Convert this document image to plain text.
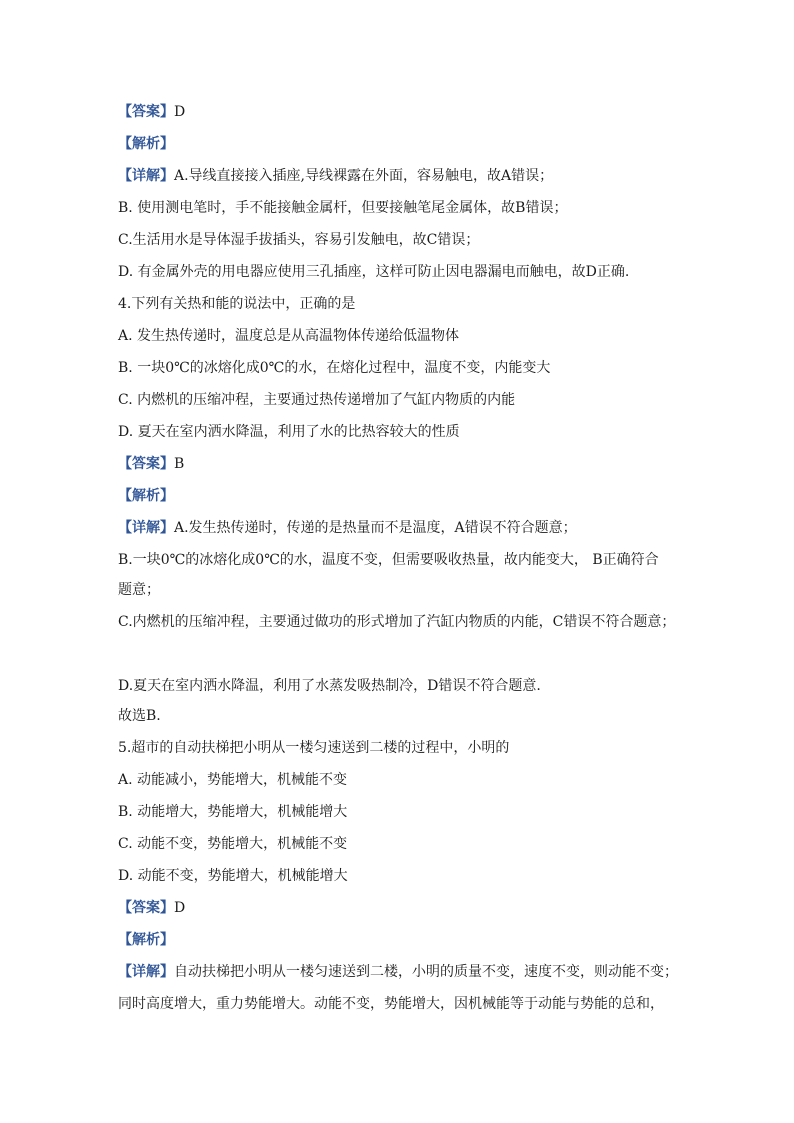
【答案】D
【解析】
【详解】A.导线直接接入插座,导线裸露在外面，容易触电，故A错误；
B. 使用测电笔时，手不能接触金属杆，但要接触笔尾金属体，故B错误；
C.生活用水是导体湿手拔插头，容易引发触电，故C错误；
D. 有金属外壳的用电器应使用三孔插座，这样可防止因电器漏电而触电，故D正确.
4.下列有关热和能的说法中，正确的是
A. 发生热传递时，温度总是从高温物体传递给低温物体
B. 一块0℃的冰熔化成0℃的水，在熔化过程中，温度不变，内能变大
C. 内燃机的压缩冲程，主要通过热传递增加了气缸内物质的内能
D. 夏天在室内洒水降温，利用了水的比热容较大的性质
【答案】B
【解析】
【详解】A.发生热传递时，传递的是热量而不是温度，A错误不符合题意；
B.一块0℃的冰熔化成0℃的水，温度不变，但需要吸收热量，故内能变大， B正确符合
题意；
C.内燃机的压缩冲程，主要通过做功的形式增加了汽缸内物质的内能，C错误不符合题意；
D.夏天在室内洒水降温，利用了水蒸发吸热制冷，D错误不符合题意.
故选B.
5.超市的自动扶梯把小明从一楼匀速送到二楼的过程中，小明的
A. 动能减小，势能增大，机械能不变
B. 动能增大，势能增大，机械能增大
C. 动能不变，势能增大，机械能不变
D. 动能不变，势能增大，机械能增大
【答案】D
【解析】
【详解】自动扶梯把小明从一楼匀速送到二楼，小明的质量不变，速度不变，则动能不变；
同时高度增大，重力势能增大。动能不变，势能增大，因机械能等于动能与势能的总和，
